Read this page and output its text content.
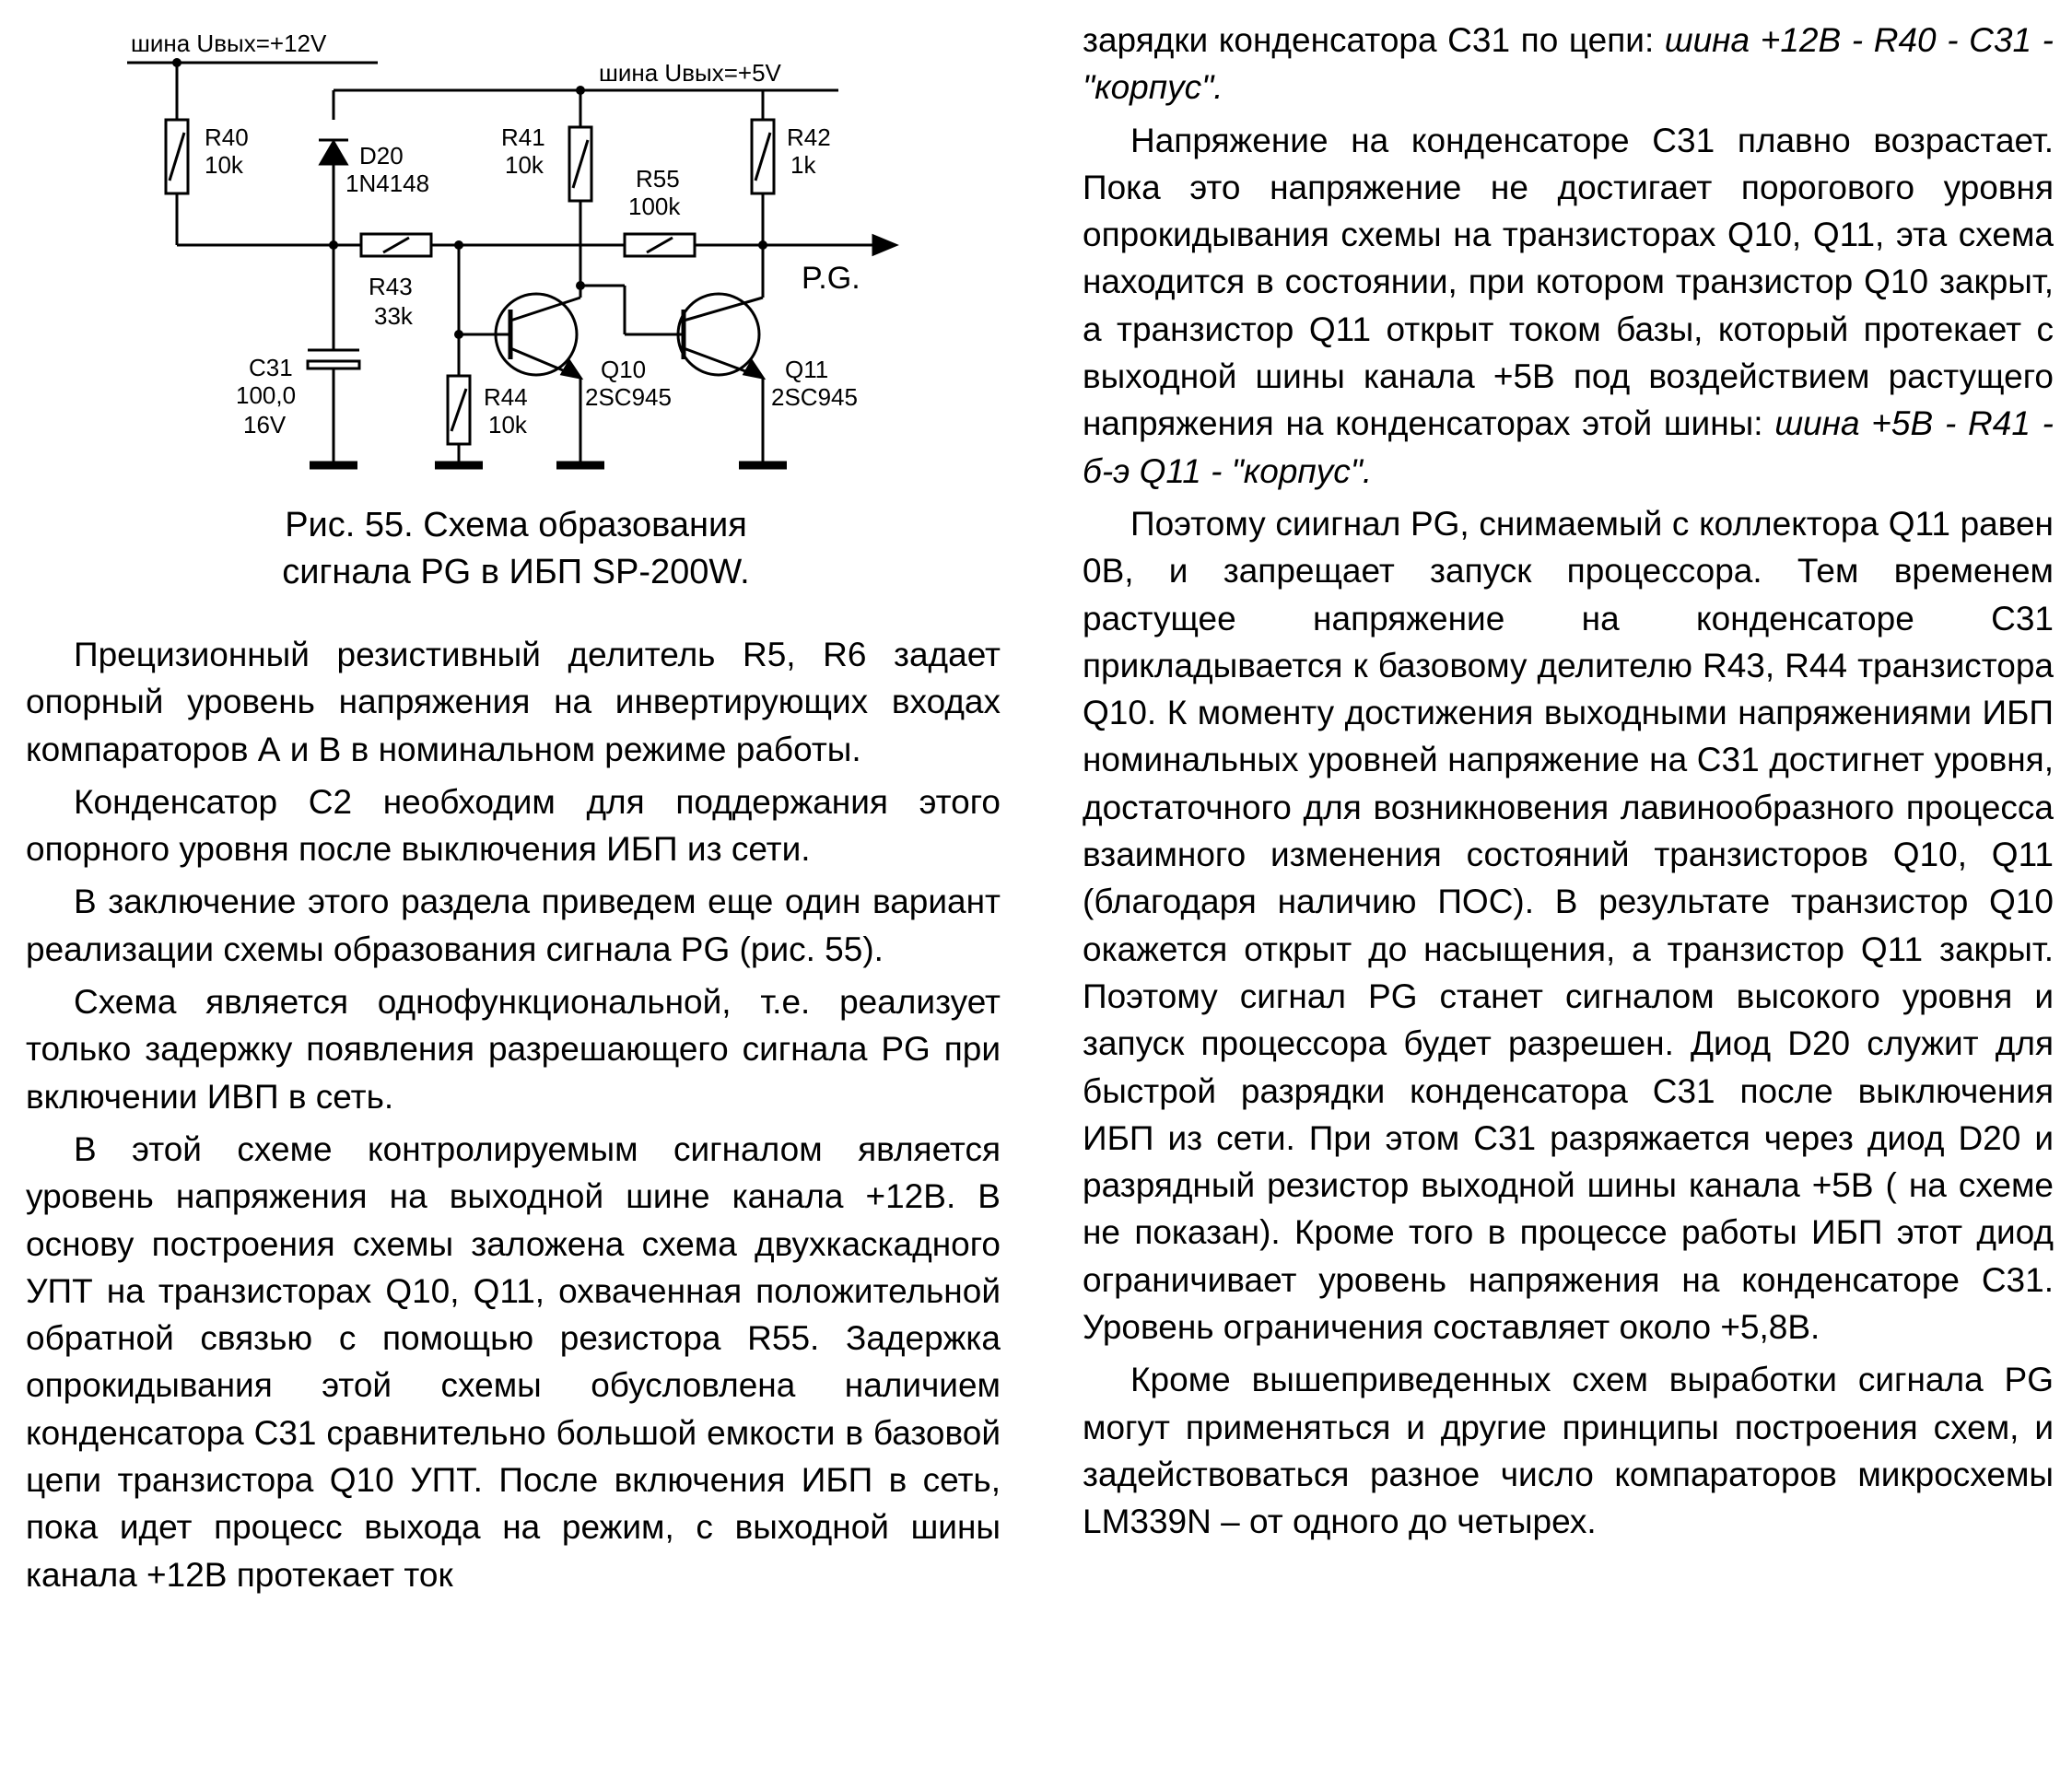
шина Uвых=+12V
шина Uвых=+5V
R40
10k	D20
1N4148
R41
10k
R42
1k
R55
100k
P.G.
R43
33k
C31
100,0
16V
R44
10k
Q10
2SC945
Q11
2SC945
Рис. 55. Схема образования
сигнала PG в ИБП SP-200W.

Прецизионный резистивный делитель R5, R6 задает опорный уровень напряжения на инвертирующих входах компараторов А и В в номинальном режиме работы.

Конденсатор С2 необходим для поддержания этого опорного уровня после выключения ИБП из сети.

В заключение этого раздела приведем еще один вариант реализации схемы образования сигнала PG (рис. 55).

Схема является однофункциональной, т.е. реализует только задержку появления разрешающего сигнала PG при включении ИВП в сеть.

В этой схеме контролируемым сигналом является уровень напряжения на выходной шине канала +12В. В основу построения схемы заложена схема двухкаскадного УПТ на транзисторах Q10, Q11, охваченная положительной обратной связью с помощью резистора R55. Задержка опрокидывания этой схемы обусловлена наличием конденсатора С31 сравнительно большой емкости в базовой цепи транзистора Q10 УПТ. После включения ИБП в сеть, пока идет процесс выхода на режим, с выходной шины канала +12В протекает ток

зарядки конденсатора С31 по цепи: шина +12В - R40 - C31 - "корпус".

Напряжение на конденсаторе С31 плавно возрастает. Пока это напряжение не достигает порогового уровня опрокидывания схемы на транзисторах Q10, Q11, эта схема находится в состоянии, при котором транзистор Q10 закрыт, а транзистор Q11 открыт током базы, который протекает с выходной шины канала +5В под воздействием растущего напряжения на конденсаторах этой шины: шина +5В - R41 - б-э Q11 - "корпус".

Поэтому сиигнал PG, снимаемый с коллектора Q11 равен 0В, и запрещает запуск процессора. Тем временем растущее напряжение на конденсаторе С31 прикладывается к базовому делителю R43, R44 транзистора Q10. К моменту достижения выходными напряжениями ИБП номинальных уровней напряжение на С31 достигнет уровня, достаточного для возникновения лавинообразного процесса взаимного изменения состояний транзисторов Q10, Q11 (благодаря наличию ПОС). В результате транзистор Q10 окажется открыт до насыщения, а транзистор Q11 закрыт. Поэтому сигнал PG станет сигналом высокого уровня и запуск процессора будет разрешен. Диод D20 служит для быстрой разрядки конденсатора С31 после выключения ИБП из сети. При этом С31 разряжается через диод D20 и разрядный резистор выходной шины канала +5В ( на схеме не показан). Кроме того в процессе работы ИБП этот диод ограничивает уровень напряжения на конденсаторе С31. Уровень ограничения составляет около +5,8В.

Кроме вышеприведенных схем выработки сигнала PG могут применяться и другие принципы построения схем, и задействоваться разное число компараторов микросхемы LM339N – от одного до четырех.
